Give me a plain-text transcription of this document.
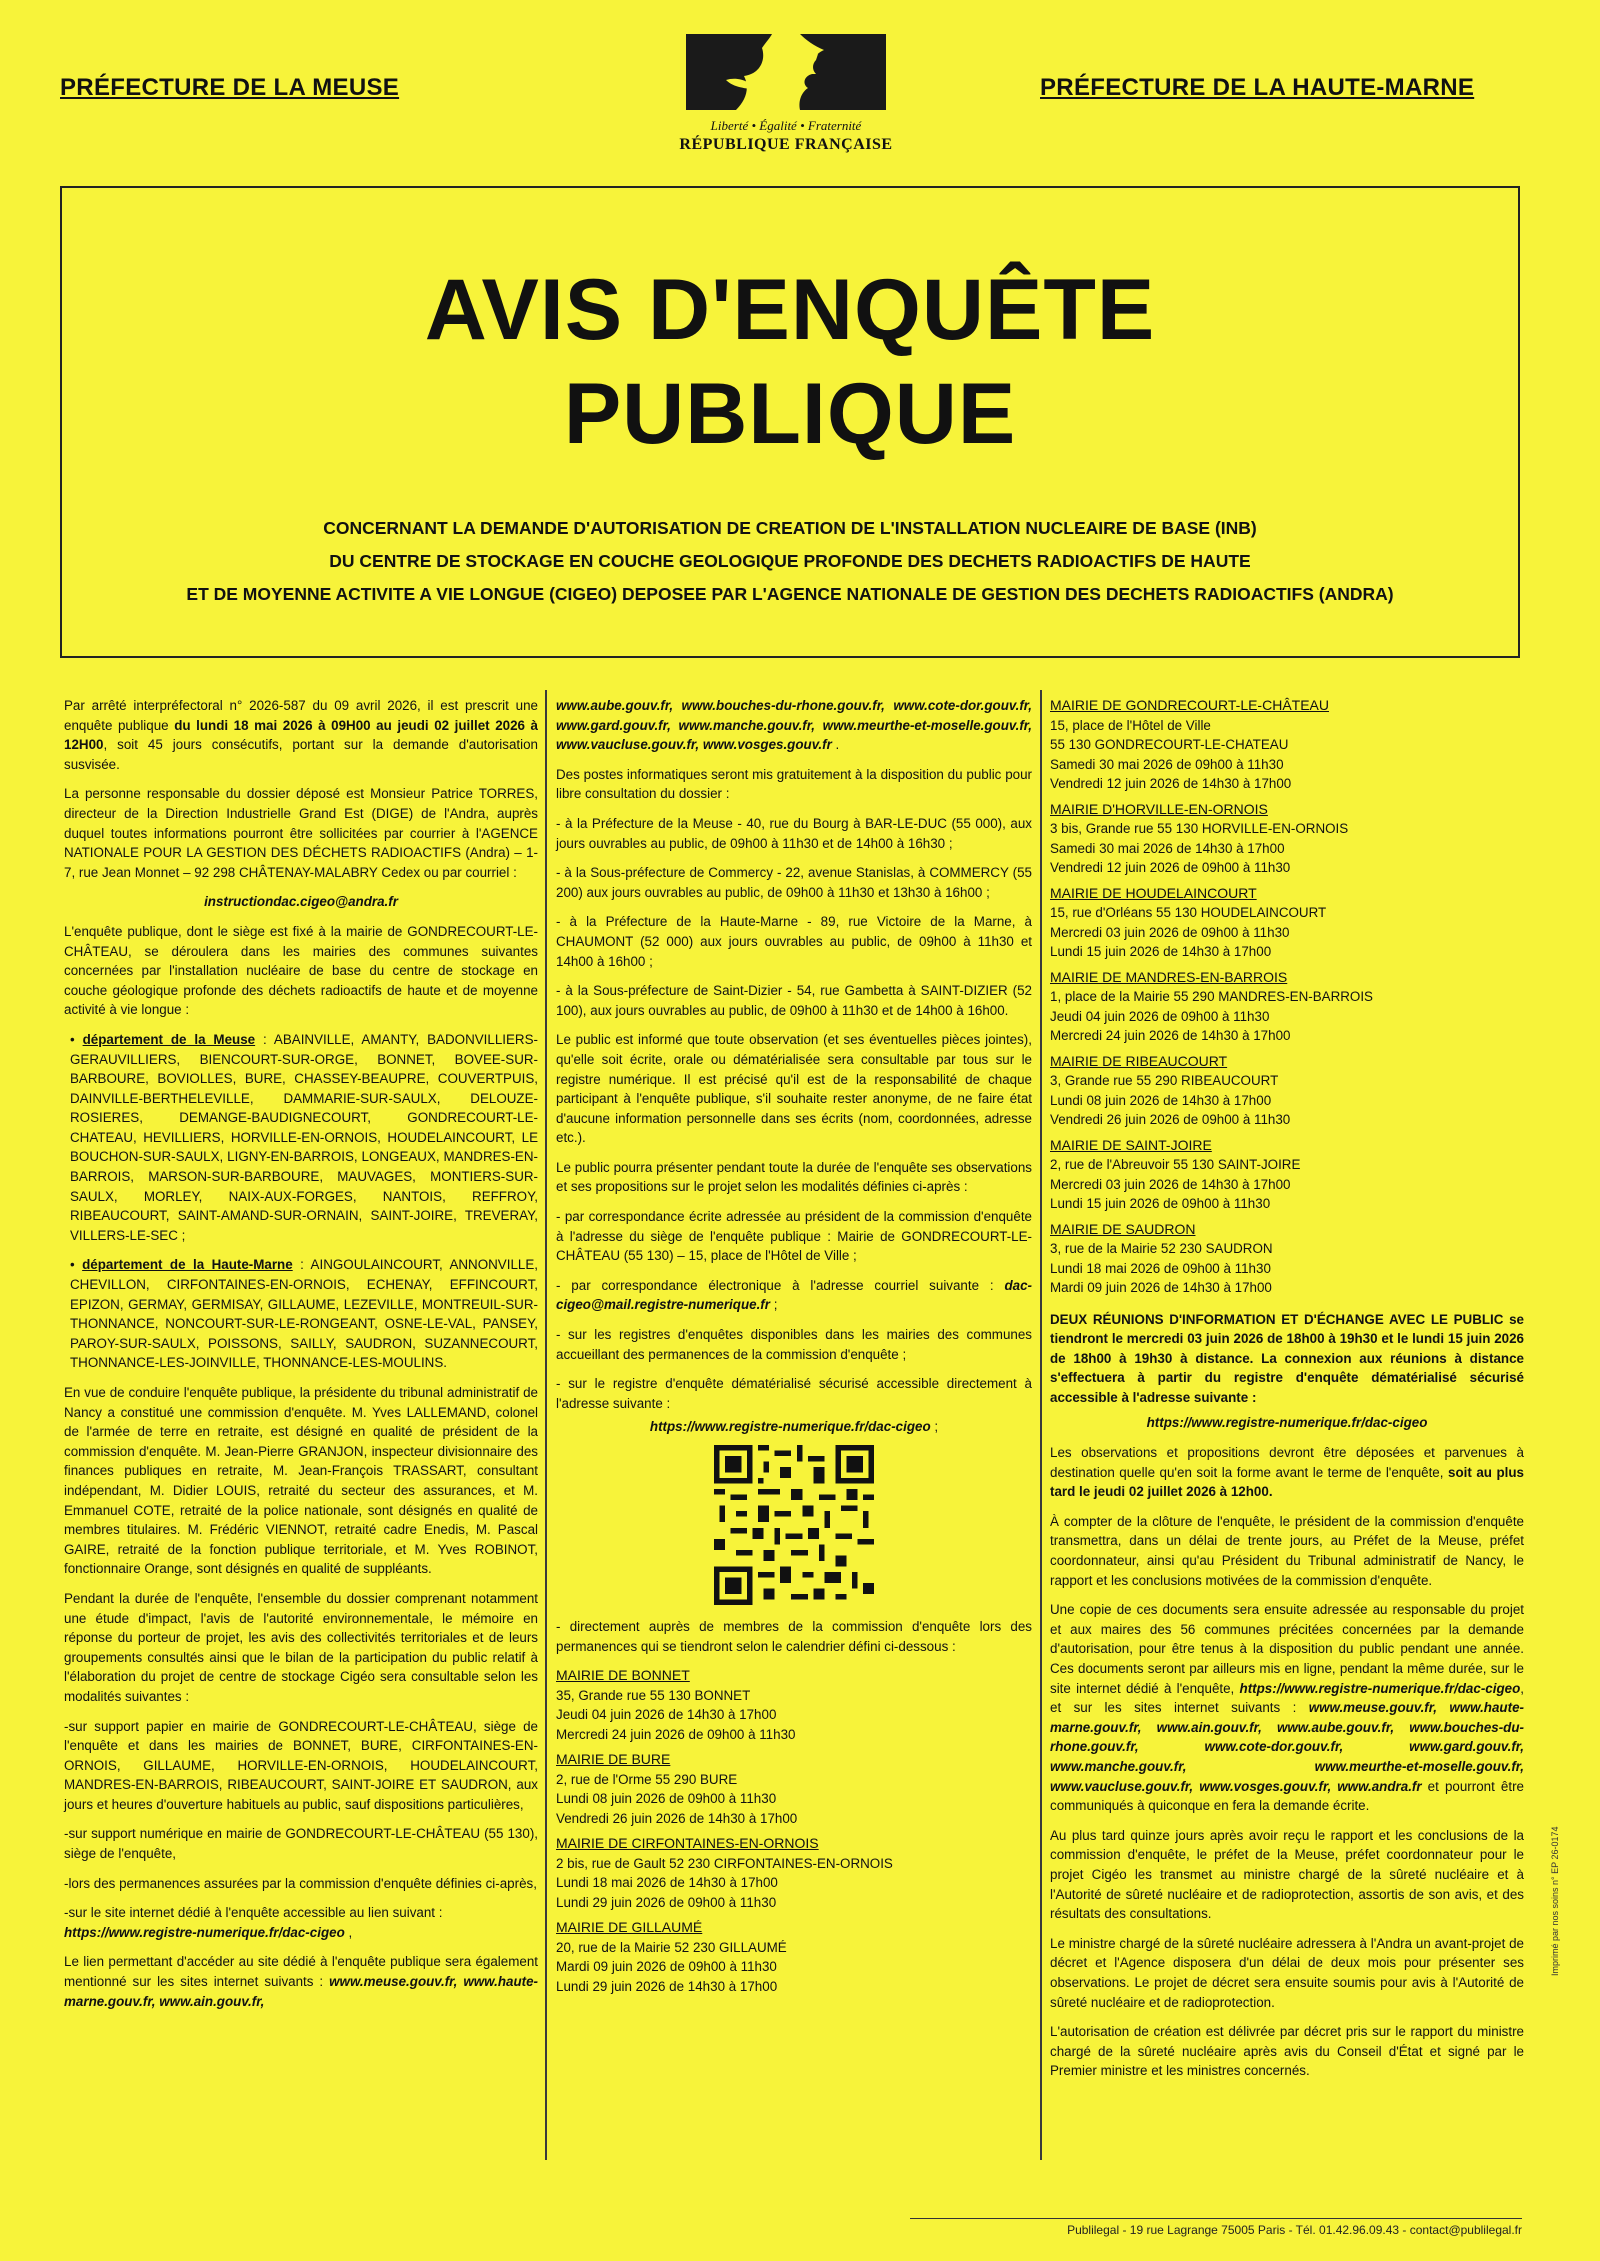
PRÉFECTURE DE LA MEUSE	PRÉFECTURE DE LA HAUTE-MARNE
Liberté • Égalité • Fraternité
RÉPUBLIQUE FRANÇAISE
AVIS D'ENQUÊTE
PUBLIQUE
CONCERNANT LA DEMANDE D'AUTORISATION DE CREATION DE L'INSTALLATION NUCLEAIRE DE BASE (INB)
DU CENTRE DE STOCKAGE EN COUCHE GEOLOGIQUE PROFONDE DES DECHETS RADIOACTIFS DE HAUTE
ET DE MOYENNE ACTIVITE A VIE LONGUE (CIGEO) DEPOSEE PAR L'AGENCE NATIONALE DE GESTION DES DECHETS RADIOACTIFS (ANDRA)

Par arrêté interpréfectoral n° 2026-587 du 09 avril 2026, il est prescrit une enquête publique du lundi 18 mai 2026 à 09H00 au jeudi 02 juillet 2026 à 12H00, soit 45 jours consécutifs, portant sur la demande d'autorisation susvisée.

La personne responsable du dossier déposé est Monsieur Patrice TORRES, directeur de la Direction Industrielle Grand Est (DIGE) de l'Andra, auprès duquel toutes informations pourront être sollicitées par courrier à l'AGENCE NATIONALE POUR LA GESTION DES DÉCHETS RADIOACTIFS (Andra) – 1-7, rue Jean Monnet – 92 298 CHÂTENAY-MALABRY Cedex ou par courriel :

instructiondac.cigeo@andra.fr

L'enquête publique, dont le siège est fixé à la mairie de GONDRECOURT-LE-CHÂTEAU, se déroulera dans les mairies des communes suivantes concernées par l'installation nucléaire de base du centre de stockage en couche géologique profonde des déchets radioactifs de haute et de moyenne activité à vie longue :

• département de la Meuse : ABAINVILLE, AMANTY, BADONVILLIERS-GERAUVILLIERS, BIENCOURT-SUR-ORGE, BONNET, BOVEE-SUR-BARBOURE, BOVIOLLES, BURE, CHASSEY-BEAUPRE, COUVERTPUIS, DAINVILLE-BERTHELEVILLE, DAMMARIE-SUR-SAULX, DELOUZE-ROSIERES, DEMANGE-BAUDIGNECOURT, GONDRECOURT-LE-CHATEAU, HEVILLIERS, HORVILLE-EN-ORNOIS, HOUDELAINCOURT, LE BOUCHON-SUR-SAULX, LIGNY-EN-BARROIS, LONGEAUX, MANDRES-EN-BARROIS, MARSON-SUR-BARBOURE, MAUVAGES, MONTIERS-SUR-SAULX, MORLEY, NAIX-AUX-FORGES, NANTOIS, REFFROY, RIBEAUCOURT, SAINT-AMAND-SUR-ORNAIN, SAINT-JOIRE, TREVERAY, VILLERS-LE-SEC ;

• département de la Haute-Marne : AINGOULAINCOURT, ANNONVILLE, CHEVILLON, CIRFONTAINES-EN-ORNOIS, ECHENAY, EFFINCOURT, EPIZON, GERMAY, GERMISAY, GILLAUME, LEZEVILLE, MONTREUIL-SUR-THONNANCE, NONCOURT-SUR-LE-RONGEANT, OSNE-LE-VAL, PANSEY, PAROY-SUR-SAULX, POISSONS, SAILLY, SAUDRON, SUZANNECOURT, THONNANCE-LES-JOINVILLE, THONNANCE-LES-MOULINS.

En vue de conduire l'enquête publique, la présidente du tribunal administratif de Nancy a constitué une commission d'enquête. M. Yves LALLEMAND, colonel de l'armée de terre en retraite, est désigné en qualité de président de la commission d'enquête. M. Jean-Pierre GRANJON, inspecteur divisionnaire des finances publiques en retraite, M. Jean-François TRASSART, consultant indépendant, M. Didier LOUIS, retraité du secteur des assurances, et M. Emmanuel COTE, retraité de la police nationale, sont désignés en qualité de membres titulaires. M. Frédéric VIENNOT, retraité cadre Enedis, M. Pascal GAIRE, retraité de la fonction publique territoriale, et M. Yves ROBINOT, fonctionnaire Orange, sont désignés en qualité de suppléants.

Pendant la durée de l'enquête, l'ensemble du dossier comprenant notamment une étude d'impact, l'avis de l'autorité environnementale, le mémoire en réponse du porteur de projet, les avis des collectivités territoriales et de leurs groupements consultés ainsi que le bilan de la participation du public relatif à l'élaboration du projet de centre de stockage Cigéo sera consultable selon les modalités suivantes :

-sur support papier en mairie de GONDRECOURT-LE-CHÂTEAU, siège de l'enquête et dans les mairies de BONNET, BURE, CIRFONTAINES-EN-ORNOIS, GILLAUME, HORVILLE-EN-ORNOIS, HOUDELAINCOURT, MANDRES-EN-BARROIS, RIBEAUCOURT, SAINT-JOIRE ET SAUDRON, aux jours et heures d'ouverture habituels au public, sauf dispositions particulières,

-sur support numérique en mairie de GONDRECOURT-LE-CHÂTEAU (55 130), siège de l'enquête,

-lors des permanences assurées par la commission d'enquête définies ci-après,

-sur le site internet dédié à l'enquête accessible au lien suivant :
https://www.registre-numerique.fr/dac-cigeo ,

Le lien permettant d'accéder au site dédié à l'enquête publique sera également mentionné sur les sites internet suivants : www.meuse.gouv.fr, www.haute-marne.gouv.fr, www.ain.gouv.fr,

www.aube.gouv.fr, www.bouches-du-rhone.gouv.fr, www.cote-dor.gouv.fr, www.gard.gouv.fr, www.manche.gouv.fr, www.meurthe-et-moselle.gouv.fr, www.vaucluse.gouv.fr, www.vosges.gouv.fr .

Des postes informatiques seront mis gratuitement à la disposition du public pour libre consultation du dossier :

- à la Préfecture de la Meuse - 40, rue du Bourg à BAR-LE-DUC (55 000), aux jours ouvrables au public, de 09h00 à 11h30 et de 14h00 à 16h30 ;

- à la Sous-préfecture de Commercy - 22, avenue Stanislas, à COMMERCY (55 200) aux jours ouvrables au public, de 09h00 à 11h30 et 13h30 à 16h00 ;

- à la Préfecture de la Haute-Marne - 89, rue Victoire de la Marne, à CHAUMONT (52 000) aux jours ouvrables au public, de 09h00 à 11h30 et 14h00 à 16h00 ;

- à la Sous-préfecture de Saint-Dizier - 54, rue Gambetta à SAINT-DIZIER (52 100), aux jours ouvrables au public, de 09h00 à 11h30 et de 14h00 à 16h00.

Le public est informé que toute observation (et ses éventuelles pièces jointes), qu'elle soit écrite, orale ou dématérialisée sera consultable par tous sur le registre numérique. Il est précisé qu'il est de la responsabilité de chaque participant à l'enquête publique, s'il souhaite rester anonyme, de ne faire état d'aucune information personnelle dans ses écrits (nom, coordonnées, adresse etc.).

Le public pourra présenter pendant toute la durée de l'enquête ses observations et ses propositions sur le projet selon les modalités définies ci-après :

- par correspondance écrite adressée au président de la commission d'enquête à l'adresse du siège de l'enquête publique : Mairie de GONDRECOURT-LE-CHÂTEAU (55 130) – 15, place de l'Hôtel de Ville ;

- par correspondance électronique à l'adresse courriel suivante : dac-cigeo@mail.registre-numerique.fr ;

- sur les registres d'enquêtes disponibles dans les mairies des communes accueillant des permanences de la commission d'enquête ;

- sur le registre d'enquête dématérialisé sécurisé accessible directement à l'adresse suivante :

https://www.registre-numerique.fr/dac-cigeo ;

- directement auprès de membres de la commission d'enquête lors des permanences qui se tiendront selon le calendrier défini ci-dessous :

MAIRIE DE BONNET
35, Grande rue 55 130 BONNET
Jeudi 04 juin 2026 de 14h30 à 17h00
Mercredi 24 juin 2026 de 09h00 à 11h30
MAIRIE DE BURE
2, rue de l'Orme 55 290 BURE
Lundi 08 juin 2026 de 09h00 à 11h30
Vendredi 26 juin 2026 de 14h30 à 17h00
MAIRIE DE CIRFONTAINES-EN-ORNOIS
2 bis, rue de Gault 52 230 CIRFONTAINES-EN-ORNOIS
Lundi 18 mai 2026 de 14h30 à 17h00
Lundi 29 juin 2026 de 09h00 à 11h30
MAIRIE DE GILLAUMÉ
20, rue de la Mairie 52 230 GILLAUMÉ
Mardi 09 juin 2026 de 09h00 à 11h30
Lundi 29 juin 2026 de 14h30 à 17h00
MAIRIE DE GONDRECOURT-LE-CHÂTEAU
15, place de l'Hôtel de Ville
55 130 GONDRECOURT-LE-CHATEAU
Samedi 30 mai 2026 de 09h00 à 11h30
Vendredi 12 juin 2026 de 14h30 à 17h00
MAIRIE D'HORVILLE-EN-ORNOIS
3 bis, Grande rue 55 130 HORVILLE-EN-ORNOIS
Samedi 30 mai 2026 de 14h30 à 17h00
Vendredi 12 juin 2026 de 09h00 à 11h30
MAIRIE DE HOUDELAINCOURT
15, rue d'Orléans 55 130 HOUDELAINCOURT
Mercredi 03 juin 2026 de 09h00 à 11h30
Lundi 15 juin 2026 de 14h30 à 17h00
MAIRIE DE MANDRES-EN-BARROIS
1, place de la Mairie 55 290 MANDRES-EN-BARROIS
Jeudi 04 juin 2026 de 09h00 à 11h30
Mercredi 24 juin 2026 de 14h30 à 17h00
MAIRIE DE RIBEAUCOURT
3, Grande rue 55 290 RIBEAUCOURT
Lundi 08 juin 2026 de 14h30 à 17h00
Vendredi 26 juin 2026 de 09h00 à 11h30
MAIRIE DE SAINT-JOIRE
2, rue de l'Abreuvoir 55 130 SAINT-JOIRE
Mercredi 03 juin 2026 de 14h30 à 17h00
Lundi 15 juin 2026 de 09h00 à 11h30
MAIRIE DE SAUDRON
3, rue de la Mairie 52 230 SAUDRON
Lundi 18 mai 2026 de 09h00 à 11h30
Mardi 09 juin 2026 de 14h30 à 17h00

DEUX RÉUNIONS D'INFORMATION ET D'ÉCHANGE AVEC LE PUBLIC se tiendront le mercredi 03 juin 2026 de 18h00 à 19h30 et le lundi 15 juin 2026 de 18h00 à 19h30 à distance. La connexion aux réunions à distance s'effectuera à partir du registre d'enquête dématérialisé sécurisé accessible à l'adresse suivante :

https://www.registre-numerique.fr/dac-cigeo

Les observations et propositions devront être déposées et parvenues à destination quelle qu'en soit la forme avant le terme de l'enquête, soit au plus tard le jeudi 02 juillet 2026 à 12h00.

À compter de la clôture de l'enquête, le président de la commission d'enquête transmettra, dans un délai de trente jours, au Préfet de la Meuse, préfet coordonnateur, ainsi qu'au Président du Tribunal administratif de Nancy, le rapport et les conclusions motivées de la commission d'enquête.

Une copie de ces documents sera ensuite adressée au responsable du projet et aux maires des 56 communes précitées concernées par la demande d'autorisation, pour être tenus à la disposition du public pendant une année. Ces documents seront par ailleurs mis en ligne, pendant la même durée, sur le site internet dédié à l'enquête, https://www.registre-numerique.fr/dac-cigeo, et sur les sites internet suivants : www.meuse.gouv.fr, www.haute-marne.gouv.fr, www.ain.gouv.fr, www.aube.gouv.fr, www.bouches-du-rhone.gouv.fr, www.cote-dor.gouv.fr, www.gard.gouv.fr, www.manche.gouv.fr, www.meurthe-et-moselle.gouv.fr, www.vaucluse.gouv.fr, www.vosges.gouv.fr, www.andra.fr et pourront être communiqués à quiconque en fera la demande écrite.

Au plus tard quinze jours après avoir reçu le rapport et les conclusions de la commission d'enquête, le préfet de la Meuse, préfet coordonnateur pour le projet Cigéo les transmet au ministre chargé de la sûreté nucléaire et à l'Autorité de sûreté nucléaire et de radioprotection, assortis de son avis, et des résultats des consultations.

Le ministre chargé de la sûreté nucléaire adressera à l'Andra un avant-projet de décret et l'Agence disposera d'un délai de deux mois pour présenter ses observations. Le projet de décret sera ensuite soumis pour avis à l'Autorité de sûreté nucléaire et de radioprotection.

L'autorisation de création est délivrée par décret pris sur le rapport du ministre chargé de la sûreté nucléaire après avis du Conseil d'État et signé par le Premier ministre et les ministres concernés.

Publilegal - 19 rue Lagrange 75005 Paris - Tél. 01.42.96.09.43 - contact@publilegal.fr
Imprimé par nos soins n° EP 26-0174
